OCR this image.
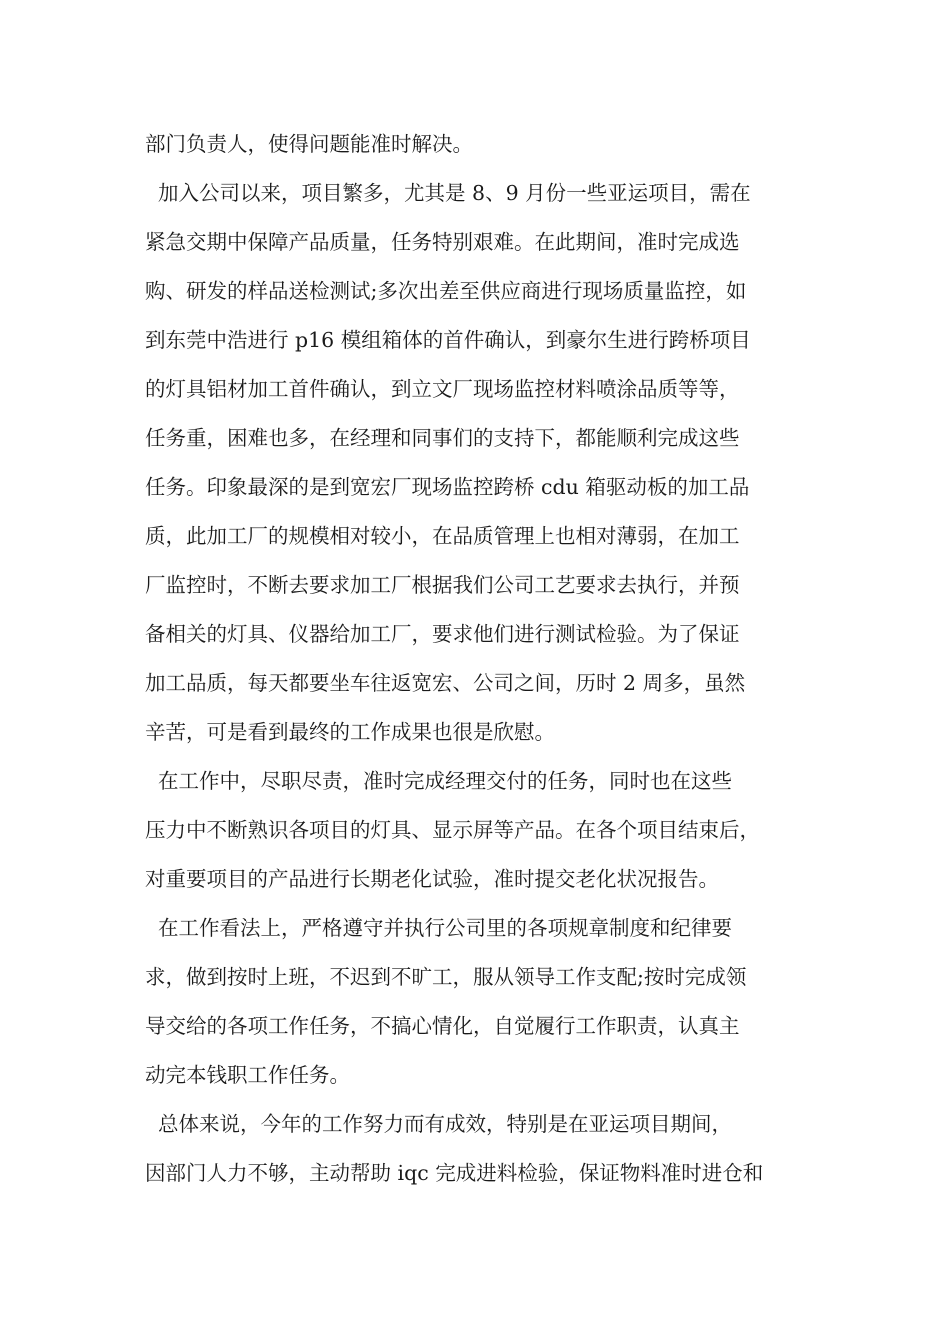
部门负责人，使得问题能准时解决。
加入公司以来，项目繁多，尤其是 8、9 月份一些亚运项目，需在
紧急交期中保障产品质量，任务特别艰难。在此期间，准时完成选
购、研发的样品送检测试;多次出差至供应商进行现场质量监控，如
到东莞中浩进行 p16 模组箱体的首件确认，到豪尔生进行跨桥项目
的灯具铝材加工首件确认，到立文厂现场监控材料喷涂品质等等，
任务重，困难也多，在经理和同事们的支持下，都能顺利完成这些
任务。印象最深的是到宽宏厂现场监控跨桥 cdu 箱驱动板的加工品
质，此加工厂的规模相对较小，在品质管理上也相对薄弱，在加工
厂监控时，不断去要求加工厂根据我们公司工艺要求去执行，并预
备相关的灯具、仪器给加工厂，要求他们进行测试检验。为了保证
加工品质，每天都要坐车往返宽宏、公司之间，历时 2 周多，虽然
辛苦，可是看到最终的工作成果也很是欣慰。
在工作中，尽职尽责，准时完成经理交付的任务，同时也在这些
压力中不断熟识各项目的灯具、显示屏等产品。在各个项目结束后，
对重要项目的产品进行长期老化试验，准时提交老化状况报告。
在工作看法上，严格遵守并执行公司里的各项规章制度和纪律要
求，做到按时上班，不迟到不旷工，服从领导工作支配;按时完成领
导交给的各项工作任务，不搞心情化，自觉履行工作职责，认真主
动完本钱职工作任务。
总体来说，今年的工作努力而有成效，特别是在亚运项目期间，
因部门人力不够，主动帮助 iqc 完成进料检验，保证物料准时进仓和
